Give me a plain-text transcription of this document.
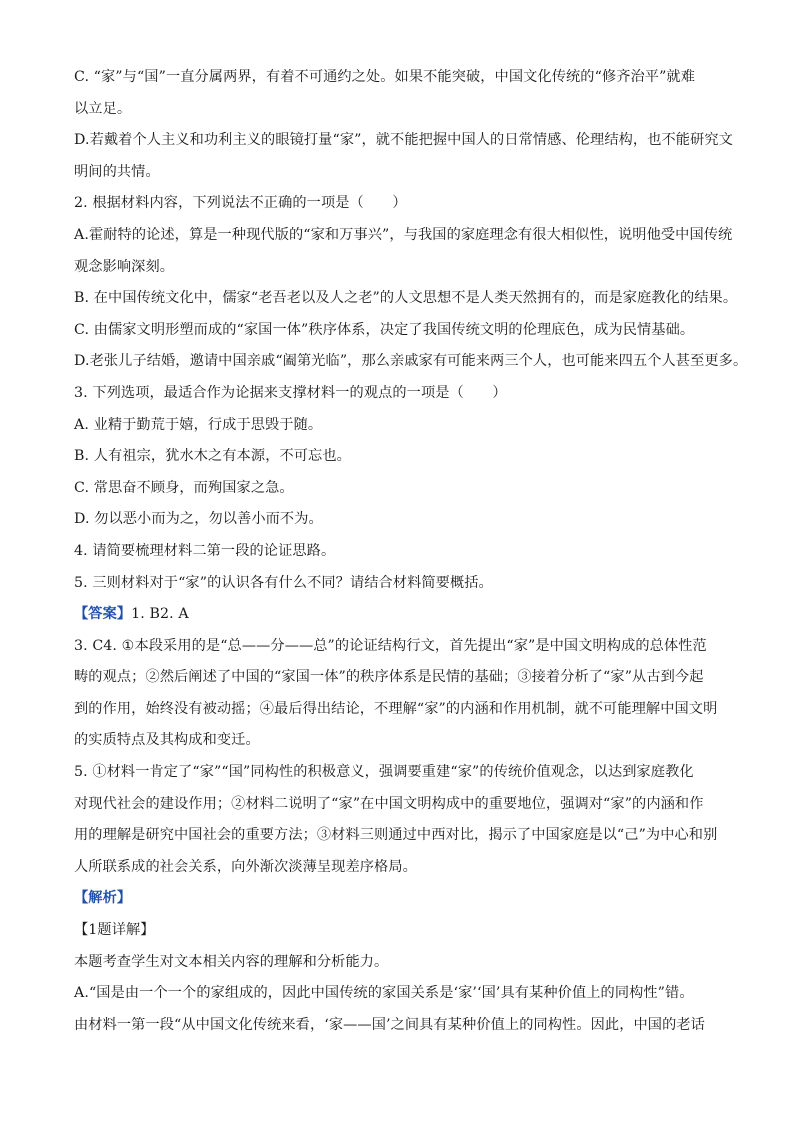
C. “家”与“国”一直分属两界，有着不可通约之处。如果不能突破，中国文化传统的“修齐治平”就难
以立足。
D.若戴着个人主义和功利主义的眼镜打量“家”，就不能把握中国人的日常情感、伦理结构，也不能研究文
明间的共情。
2. 根据材料内容，下列说法不正确的一项是（　　）
A.霍耐特的论述，算是一种现代版的“家和万事兴”，与我国的家庭理念有很大相似性，说明他受中国传统
观念影响深刻。
B. 在中国传统文化中，儒家“老吾老以及人之老”的人文思想不是人类天然拥有的，而是家庭教化的结果。
C. 由儒家文明形塑而成的“家国一体”秩序体系，决定了我国传统文明的伦理底色，成为民情基础。
D.老张儿子结婚，邀请中国亲戚“阖第光临”，那么亲戚家有可能来两三个人，也可能来四五个人甚至更多。
3. 下列选项，最适合作为论据来支撑材料一的观点的一项是（　　）
A. 业精于勤荒于嬉，行成于思毁于随。
B. 人有祖宗，犹水木之有本源，不可忘也。
C. 常思奋不顾身，而殉国家之急。
D. 勿以恶小而为之，勿以善小而不为。
4. 请简要梳理材料二第一段的论证思路。
5. 三则材料对于“家”的认识各有什么不同？请结合材料简要概括。
【答案】1. B2. A
3. C4. ①本段采用的是“总——分——总”的论证结构行文，首先提出“家”是中国文明构成的总体性范
畴的观点；②然后阐述了中国的“家国一体”的秩序体系是民情的基础；③接着分析了“家”从古到今起
到的作用，始终没有被动摇；④最后得出结论，不理解“家”的内涵和作用机制，就不可能理解中国文明
的实质特点及其构成和变迁。
5. ①材料一肯定了“家”“国”同构性的积极意义，强调要重建“家”的传统价值观念，以达到家庭教化
对现代社会的建设作用；②材料二说明了“家”在中国文明构成中的重要地位，强调对“家”的内涵和作
用的理解是研究中国社会的重要方法；③材料三则通过中西对比，揭示了中国家庭是以“己”为中心和别
人所联系成的社会关系，向外渐次淡薄呈现差序格局。
【解析】
【1题详解】
本题考查学生对文本相关内容的理解和分析能力。
A.“国是由一个一个的家组成的，因此中国传统的家国关系是‘家’‘国’具有某种价值上的同构性”错。
由材料一第一段“从中国文化传统来看，‘家——国’之间具有某种价值上的同构性。因此，中国的老话
